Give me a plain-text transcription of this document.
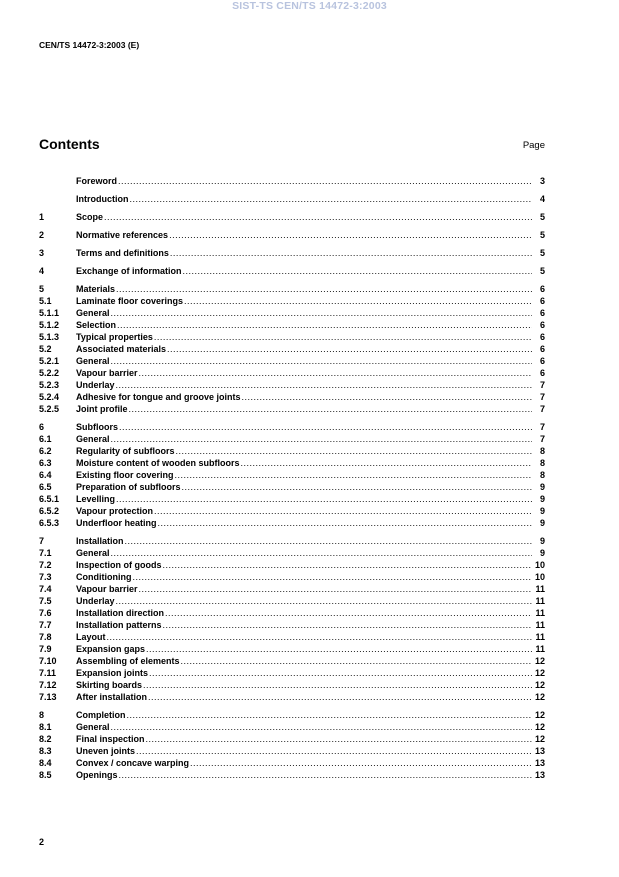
SIST-TS CEN/TS 14472-3:2003
CEN/TS 14472-3:2003 (E)
Contents	Page
Foreword .....	3
Introduction .....	4
1	Scope .....	5
2	Normative references .....	5
3	Terms and definitions .....	5
4	Exchange of information .....	5
5	Materials .....	6
5.1	Laminate floor coverings .....	6
5.1.1	General .....	6
5.1.2	Selection .....	6
5.1.3	Typical properties .....	6
5.2	Associated materials .....	6
5.2.1	General .....	6
5.2.2	Vapour barrier .....	6
5.2.3	Underlay .....	7
5.2.4	Adhesive for tongue and groove joints .....	7
5.2.5	Joint profile .....	7
6	Subfloors .....	7
6.1	General .....	7
6.2	Regularity of subfloors .....	8
6.3	Moisture content of wooden subfloors .....	8
6.4	Existing floor covering .....	8
6.5	Preparation of subfloors .....	9
6.5.1	Levelling .....	9
6.5.2	Vapour protection .....	9
6.5.3	Underfloor heating .....	9
7	Installation .....	9
7.1	General .....	9
7.2	Inspection of goods .....	10
7.3	Conditioning .....	10
7.4	Vapour barrier .....	11
7.5	Underlay .....	11
7.6	Installation direction .....	11
7.7	Installation patterns .....	11
7.8	Layout .....	11
7.9	Expansion gaps .....	11
7.10	Assembling of elements .....	12
7.11	Expansion joints .....	12
7.12	Skirting boards .....	12
7.13	After installation .....	12
8	Completion .....	12
8.1	General .....	12
8.2	Final inspection .....	12
8.3	Uneven joints .....	13
8.4	Convex / concave warping .....	13
8.5	Openings .....	13
2
